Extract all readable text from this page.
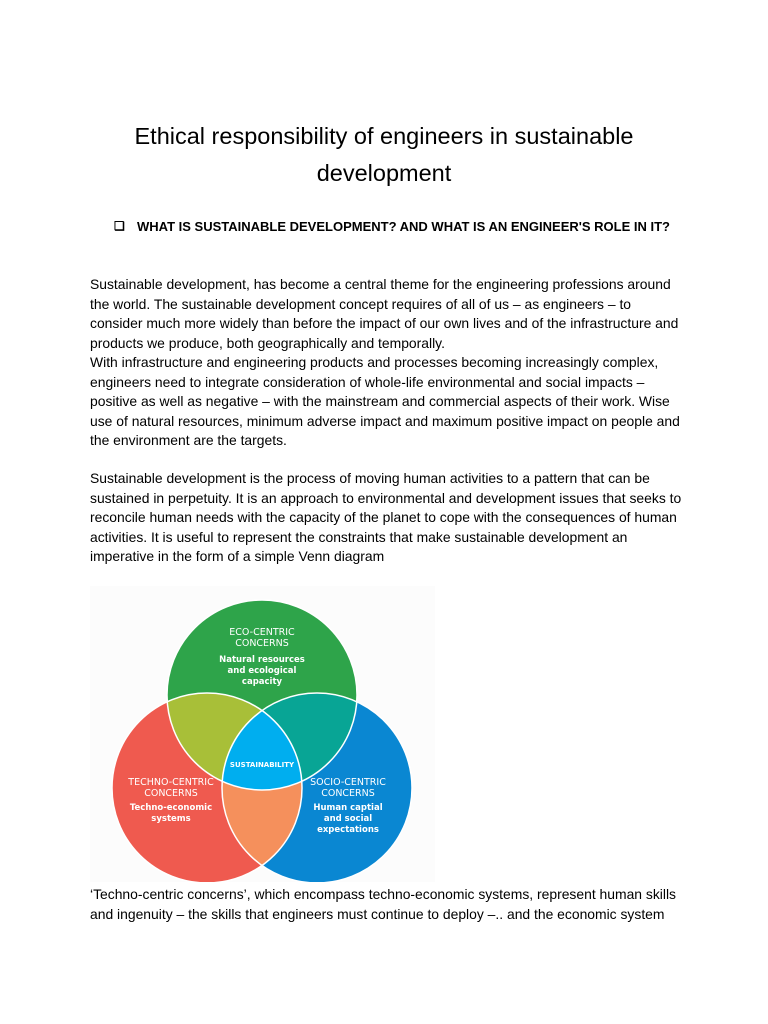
Ethical responsibility of engineers in sustainable development
❏ WHAT IS SUSTAINABLE DEVELOPMENT? AND WHAT IS AN ENGINEER'S ROLE IN IT?

Sustainable development, has become a central theme for the engineering professions around the world. The sustainable development concept requires of all of us – as engineers – to consider much more widely than before the impact of our own lives and of the infrastructure and products we produce, both geographically and temporally.

With infrastructure and engineering products and processes becoming increasingly complex, engineers need to integrate consideration of whole-life environmental and social impacts – positive as well as negative – with the mainstream and commercial aspects of their work. Wise use of natural resources, minimum adverse impact and maximum positive impact on people and the environment are the targets.

Sustainable development is the process of moving human activities to a pattern that can be sustained in perpetuity. It is an approach to environmental and development issues that seeks to reconcile human needs with the capacity of the planet to cope with the consequences of human activities. It is useful to represent the constraints that make sustainable development an imperative in the form of a simple Venn diagram

‘Techno-centric concerns’, which encompass techno-economic systems, represent human skills and ingenuity – the skills that engineers must continue to deploy –.. and the economic system

ECO-CENTRIC
CONCERNS
Natural resources
and ecological
capacity
TECHNO-CENTRIC
CONCERNS
Techno-economic
systems
SOCIO-CENTRIC
CONCERNS
Human captial
and social
expectations
SUSTAINABILITY
